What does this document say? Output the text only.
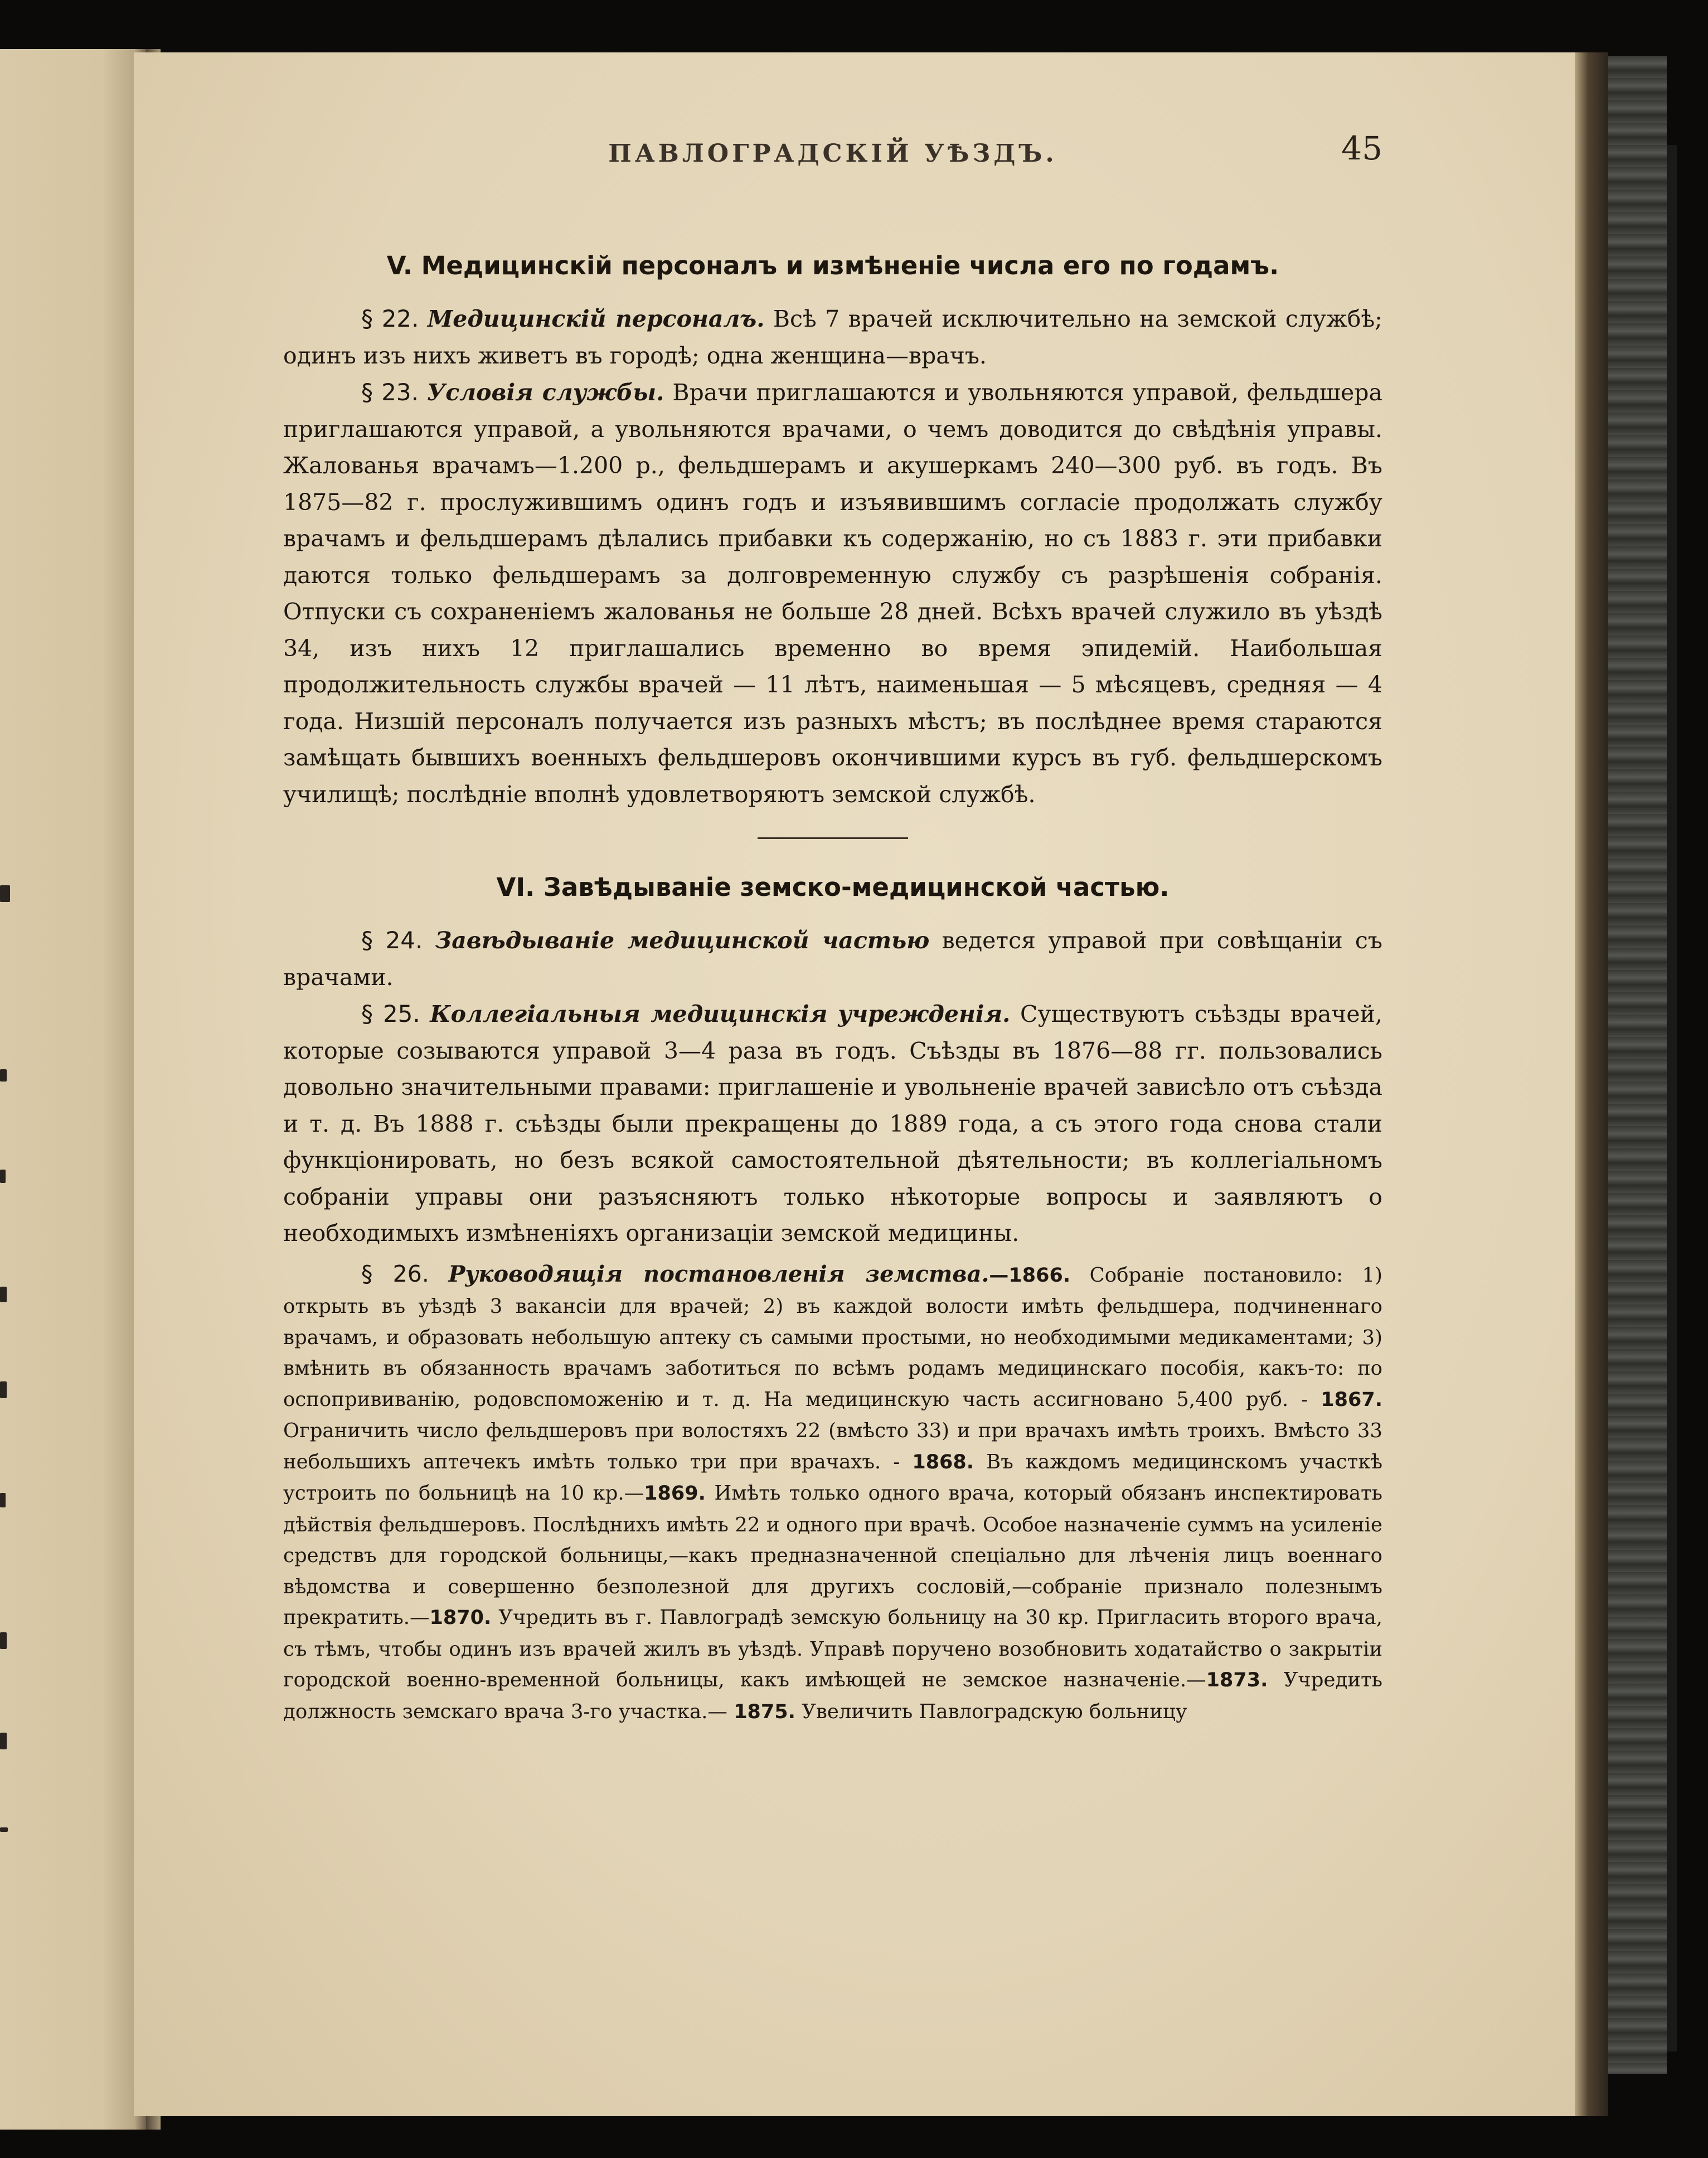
ПАВЛОГРАДСКІЙ УѢЗДЪ.	45
V. Медицинскій персоналъ и измѣненіе числа его по годамъ.

§ 22. Медицинскій персоналъ. Всѣ 7 врачей исключительно на земской службѣ; одинъ изъ нихъ живетъ въ городѣ; одна женщина—врачъ.

§ 23. Условія службы. Врачи приглашаются и увольняются управой, фельдшера приглашаются управой, а увольняются врачами, о чемъ доводится до свѣдѣнія управы. Жалованья врачамъ—1.200 р., фельдшерамъ и акушеркамъ 240—300 руб. въ годъ. Въ 1875—82 г. прослужившимъ одинъ годъ и изъявившимъ согласіе продолжать службу врачамъ и фельдшерамъ дѣлались прибавки къ содержанію, но съ 1883 г. эти прибавки даются только фельдшерамъ за долговременную службу съ разрѣшенія собранія. Отпуски съ сохраненіемъ жалованья не больше 28 дней. Всѣхъ врачей служило въ уѣздѣ 34, изъ нихъ 12 приглашались временно во время эпидемій. Наибольшая продолжительность службы врачей — 11 лѣтъ, наименьшая — 5 мѣсяцевъ, средняя — 4 года. Низшій персоналъ получается изъ разныхъ мѣстъ; въ послѣднее время стараются замѣщать бывшихъ военныхъ фельдшеровъ окончившими курсъ въ губ. фельдшерскомъ училищѣ; послѣдніе вполнѣ удовлетворяютъ земской службѣ.

VI. Завѣдываніе земско-медицинской частью.

§ 24. Завѣдываніе медицинской частью ведется управой при совѣщаніи съ врачами.

§ 25. Коллегіальныя медицинскія учрежденія. Существуютъ съѣзды врачей, которые созываются управой 3—4 раза въ годъ. Съѣзды въ 1876—88 гг. пользовались довольно значительными правами: приглашеніе и увольненіе врачей зависѣло отъ съѣзда и т. д. Въ 1888 г. съѣзды были прекращены до 1889 года, а съ этого года снова стали функціонировать, но безъ всякой самостоятельной дѣятельности; въ коллегіальномъ собраніи управы они разъясняютъ только нѣкоторые вопросы и заявляютъ о необходимыхъ измѣненіяхъ организаціи земской медицины.

§ 26. Руководящія постановленія земства.—1866. Собраніе постановило: 1) открыть въ уѣздѣ 3 вакансіи для врачей; 2) въ каждой волости имѣть фельдшера, подчиненнаго врачамъ, и образовать небольшую аптеку съ самыми простыми, но необходимыми медикаментами; 3) вмѣнить въ обязанность врачамъ заботиться по всѣмъ родамъ медицинскаго пособія, какъ-то: по оспопрививанію, родовспоможенію и т. д. На медицинскую часть ассигновано 5,400 руб. - 1867. Ограничить число фельдшеровъ при волостяхъ 22 (вмѣсто 33) и при врачахъ имѣть троихъ. Вмѣсто 33 небольшихъ аптечекъ имѣть только три при врачахъ. - 1868. Въ каждомъ медицинскомъ участкѣ устроить по больницѣ на 10 кр.—1869. Имѣть только одного врача, который обязанъ инспектировать дѣйствія фельдшеровъ. Послѣднихъ имѣть 22 и одного при врачѣ. Особое назначеніе суммъ на усиленіе средствъ для городской больницы,—какъ предназначенной спеціально для лѣченія лицъ военнаго вѣдомства и совершенно безполезной для другихъ сословій,—собраніе признало полезнымъ прекратить.—1870. Учредить въ г. Павлоградѣ земскую больницу на 30 кр. Пригласить второго врача, съ тѣмъ, чтобы одинъ изъ врачей жилъ въ уѣздѣ. Управѣ поручено возобновить ходатайство о закрытіи городской военно-временной больницы, какъ имѣющей не земское назначеніе.—1873. Учредить должность земскаго врача 3-го участка.— 1875. Увеличить Павлоградскую больницу
